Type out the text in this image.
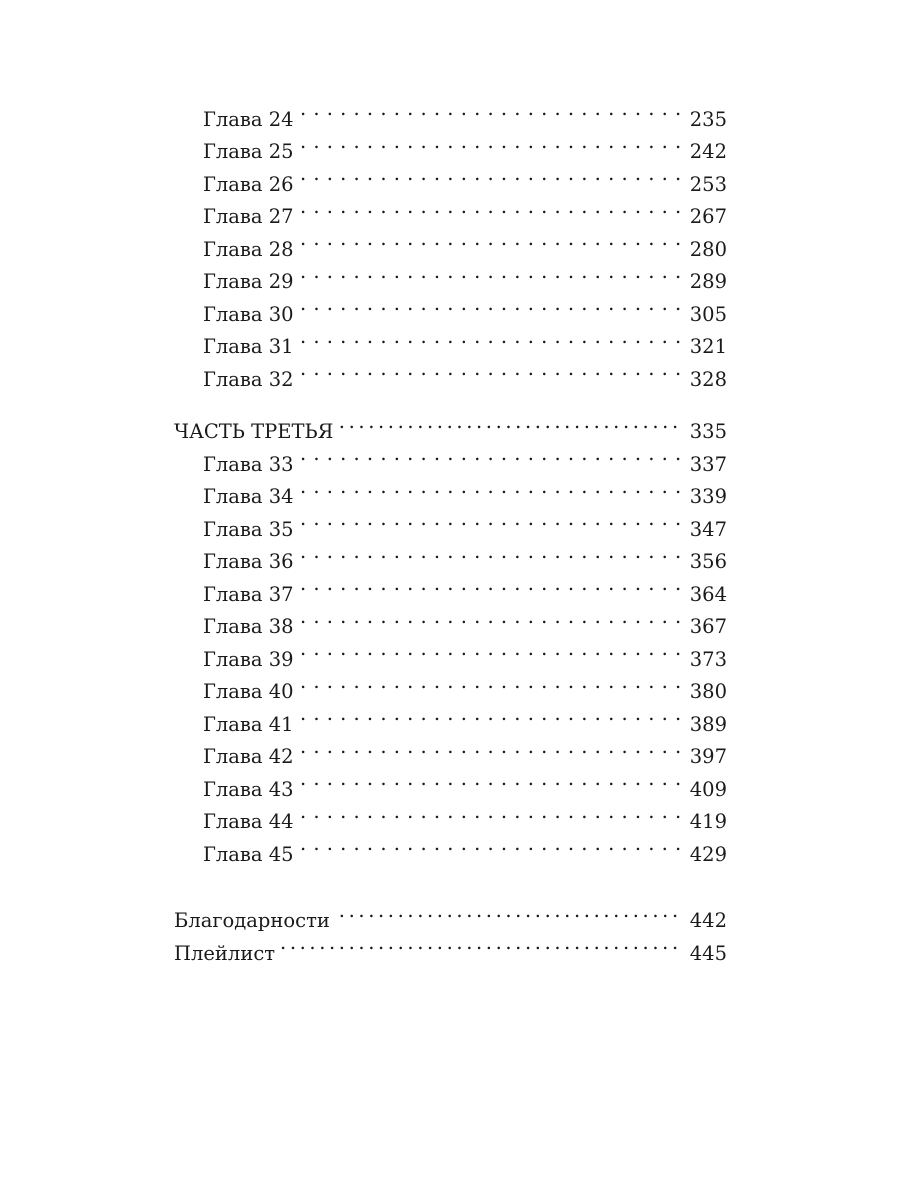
Глава 24 . . .	235
Глава 25 . . .	242
Глава 26 . . .	253
Глава 27 . . .	267
Глава 28 . . .	280
Глава 29 . . .	289
Глава 30 . . .	305
Глава 31 . . .	321
Глава 32 . . .	328
ЧАСТЬ ТРЕТЬЯ .....	335
Глава 33 . . .	337
Глава 34 . . .	339
Глава 35 . . .	347
Глава 36 . . .	356
Глава 37 . . .	364
Глава 38 . . .	367
Глава 39 . . .	373
Глава 40 . . .	380
Глава 41 . . .	389
Глава 42 . . .	397
Глава 43 . . .	409
Глава 44 . . .	419
Глава 45 . . .	429
Благодарности .....	442
Плейлист .....	445
